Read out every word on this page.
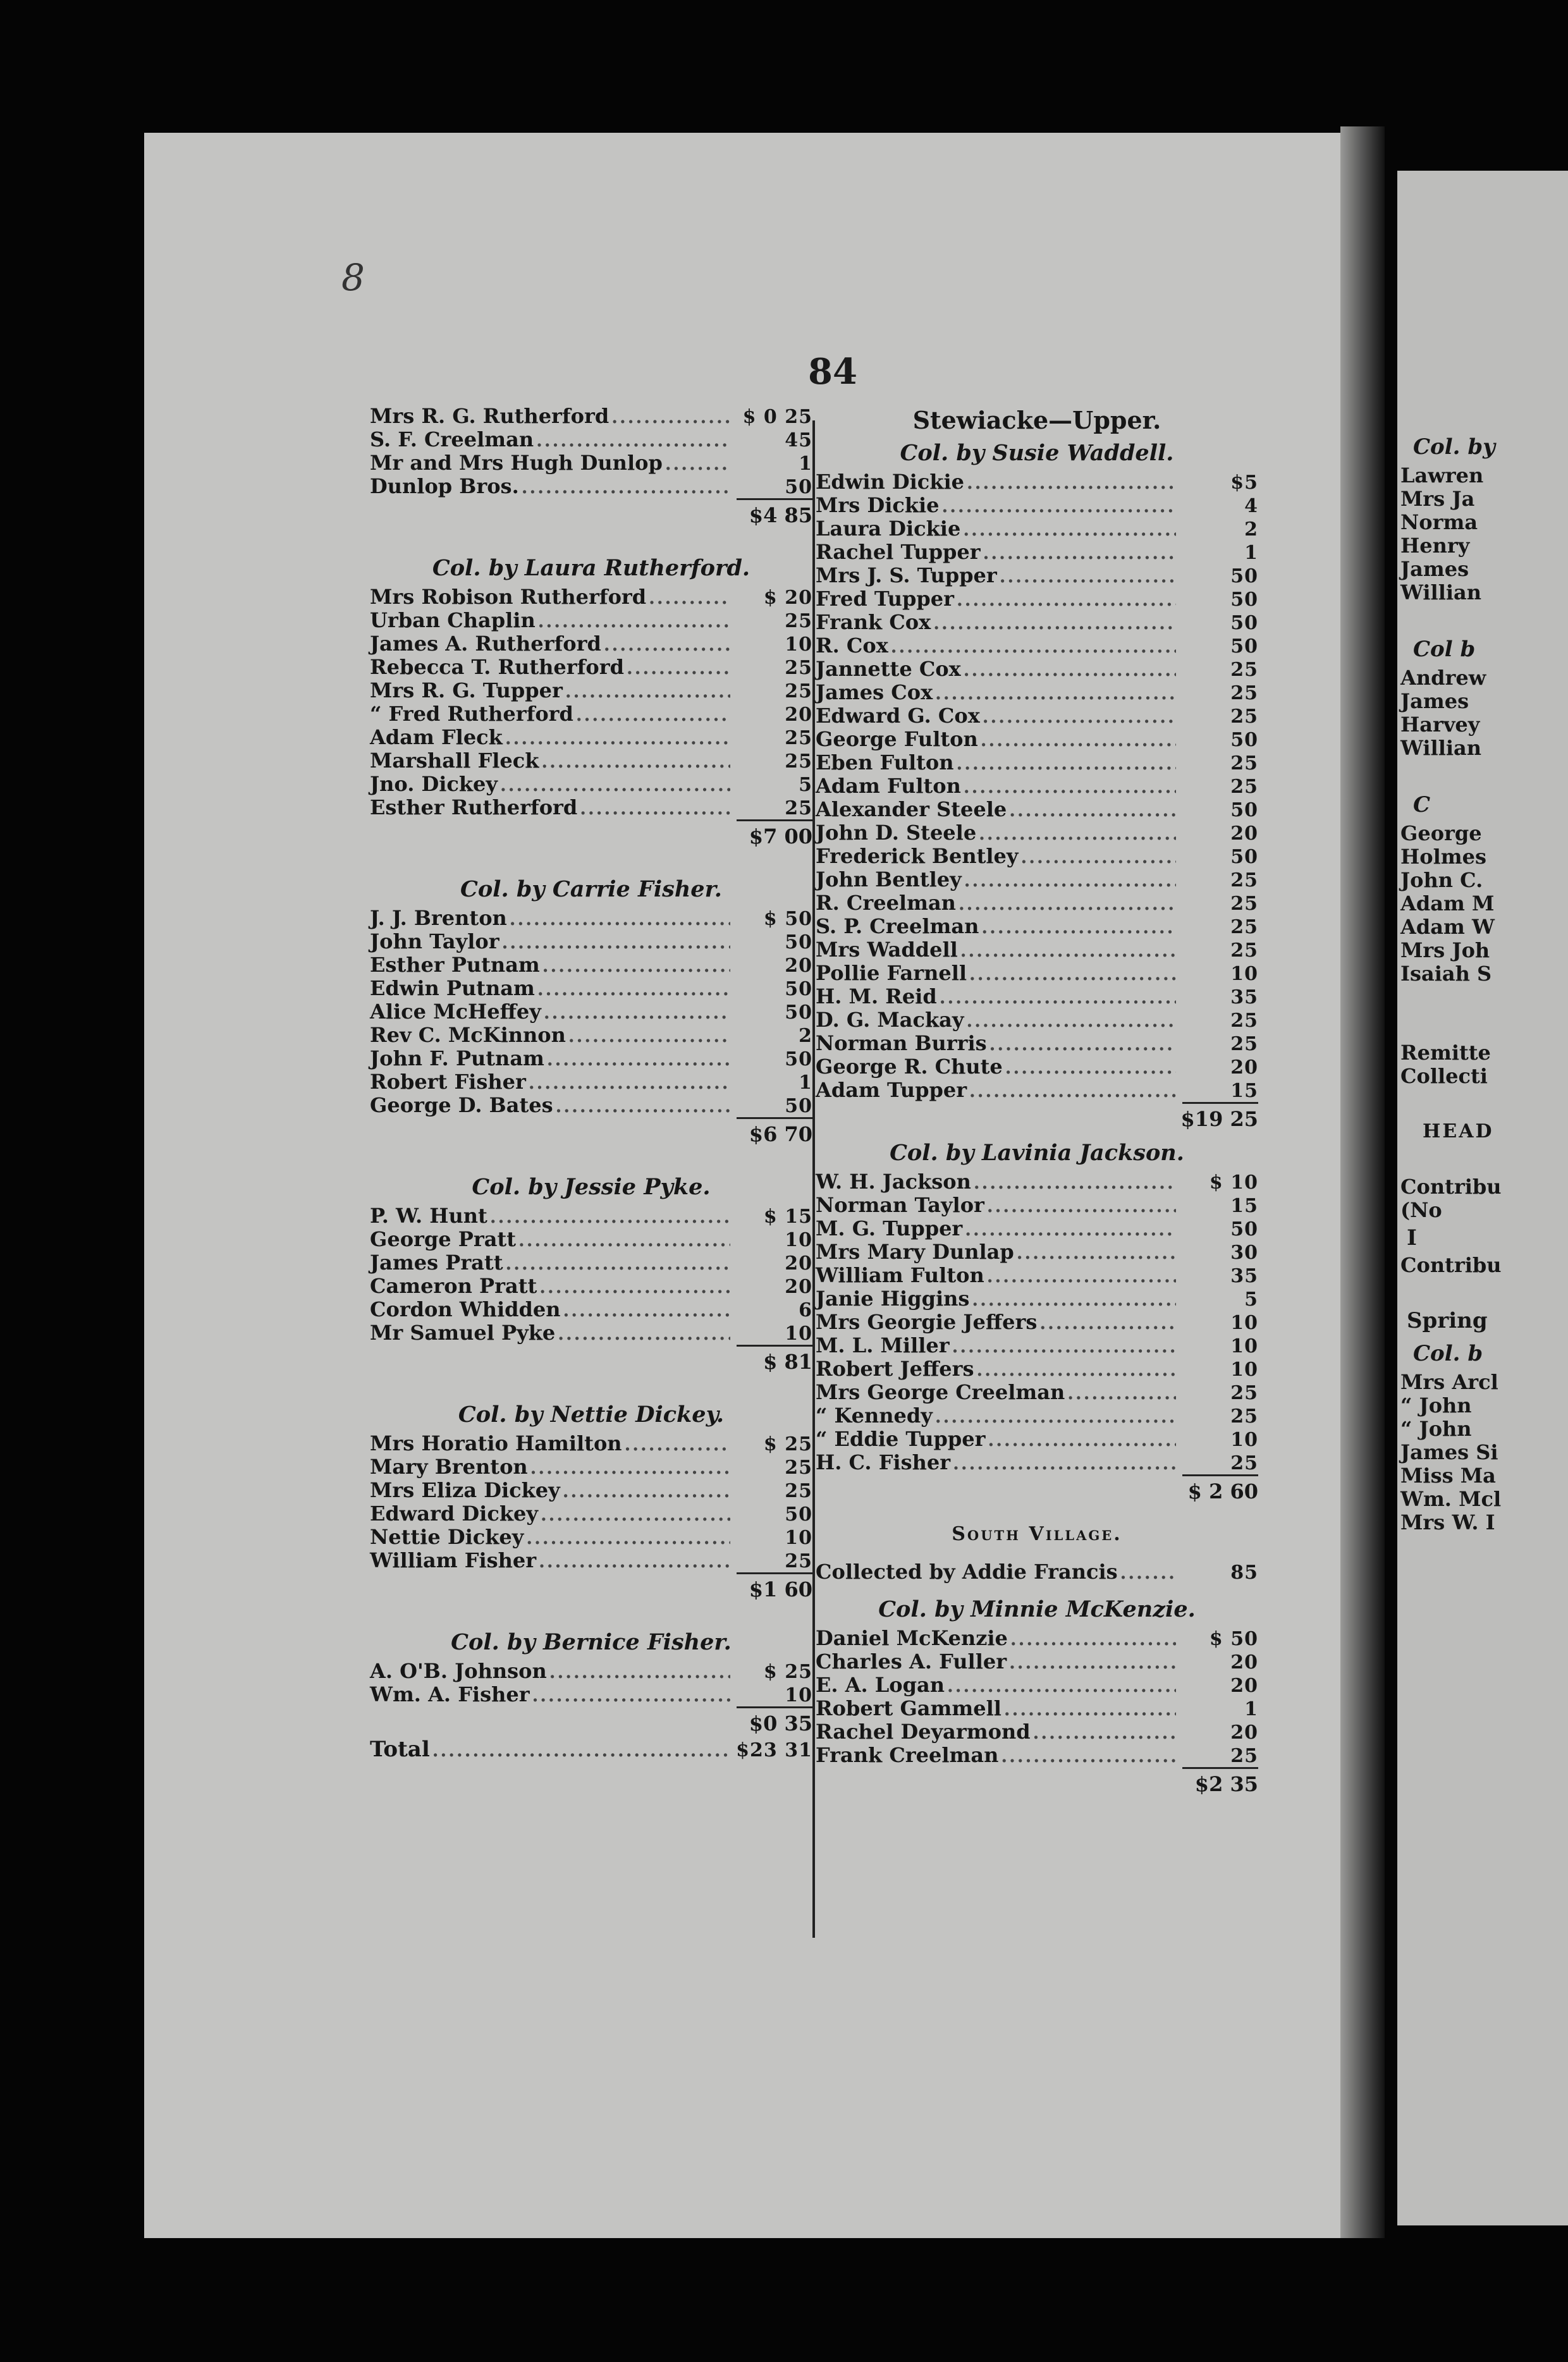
Col. by
Lawren
Mrs Ja
Norma
Henry
James
Willian
Col b
Andrew
James
Harvey
Willian
C
George
Holmes
John C.
Adam M
Adam W
Mrs Joh
Isaiah S
Remitte
Collecti
HEAD
Contribu
(No
I
Contribu
Spring
Col. b
Mrs Arcl
“ John
“ John
James Si
Miss Ma
Wm. Mcl
Mrs W. I
8
84
Mrs R. G. Rutherford .....	$ 0 25
S. F. Creelman .....	45
Mr and Mrs Hugh Dunlop .....	1
Dunlop Bros. .....	50
$4 85
Col. by Laura Rutherford.
Mrs Robison Rutherford .....	$ 20
Urban Chaplin .....	25
James A. Rutherford .....	10
Rebecca T. Rutherford .....	25
Mrs R. G. Tupper .....	25
“ Fred Rutherford .....	20
Adam Fleck .....	25
Marshall Fleck .....	25
Jno. Dickey .....	5
Esther Rutherford .....	25
$7 00
Col. by Carrie Fisher.
J. J. Brenton .....	$ 50
John Taylor .....	50
Esther Putnam .....	20
Edwin Putnam .....	50
Alice McHeffey .....	50
Rev C. McKinnon .....	2
John F. Putnam .....	50
Robert Fisher .....	1
George D. Bates .....	50
$6 70
Col. by Jessie Pyke.
P. W. Hunt .....	$ 15
George Pratt .....	10
James Pratt .....	20
Cameron Pratt .....	20
Cordon Whidden .....	6
Mr Samuel Pyke .....	10
$ 81
Col. by Nettie Dickey.
Mrs Horatio Hamilton .....	$ 25
Mary Brenton .....	25
Mrs Eliza Dickey .....	25
Edward Dickey .....	50
Nettie Dickey .....	10
William Fisher .....	25
$1 60
Col. by Bernice Fisher.
A. O'B. Johnson .....	$ 25
Wm. A. Fisher .....	10
$0 35
Total .....	$23 31
Stewiacke—Upper.
Col. by Susie Waddell.
Edwin Dickie .....	$5
Mrs Dickie .....	4
Laura Dickie .....	2
Rachel Tupper .....	1
Mrs J. S. Tupper .....	50
Fred Tupper .....	50
Frank Cox .....	50
R. Cox .....	50
Jannette Cox .....	25
James Cox .....	25
Edward G. Cox .....	25
George Fulton .....	50
Eben Fulton .....	25
Adam Fulton .....	25
Alexander Steele .....	50
John D. Steele .....	20
Frederick Bentley .....	50
John Bentley .....	25
R. Creelman .....	25
S. P. Creelman .....	25
Mrs Waddell .....	25
Pollie Farnell .....	10
H. M. Reid .....	35
D. G. Mackay .....	25
Norman Burris .....	25
George R. Chute .....	20
Adam Tupper .....	15
$19 25
Col. by Lavinia Jackson.
W. H. Jackson .....	$ 10
Norman Taylor .....	15
M. G. Tupper .....	50
Mrs Mary Dunlap .....	30
William Fulton .....	35
Janie Higgins .....	5
Mrs Georgie Jeffers .....	10
M. L. Miller .....	10
Robert Jeffers .....	10
Mrs George Creelman .....	25
“ Kennedy .....	25
“ Eddie Tupper .....	10
H. C. Fisher .....	25
$ 2 60
South Village.
Collected by Addie Francis .....	85
Col. by Minnie McKenzie.
Daniel McKenzie .....	$ 50
Charles A. Fuller .....	20
E. A. Logan .....	20
Robert Gammell .....	1
Rachel Deyarmond .....	20
Frank Creelman .....	25
$2 35
